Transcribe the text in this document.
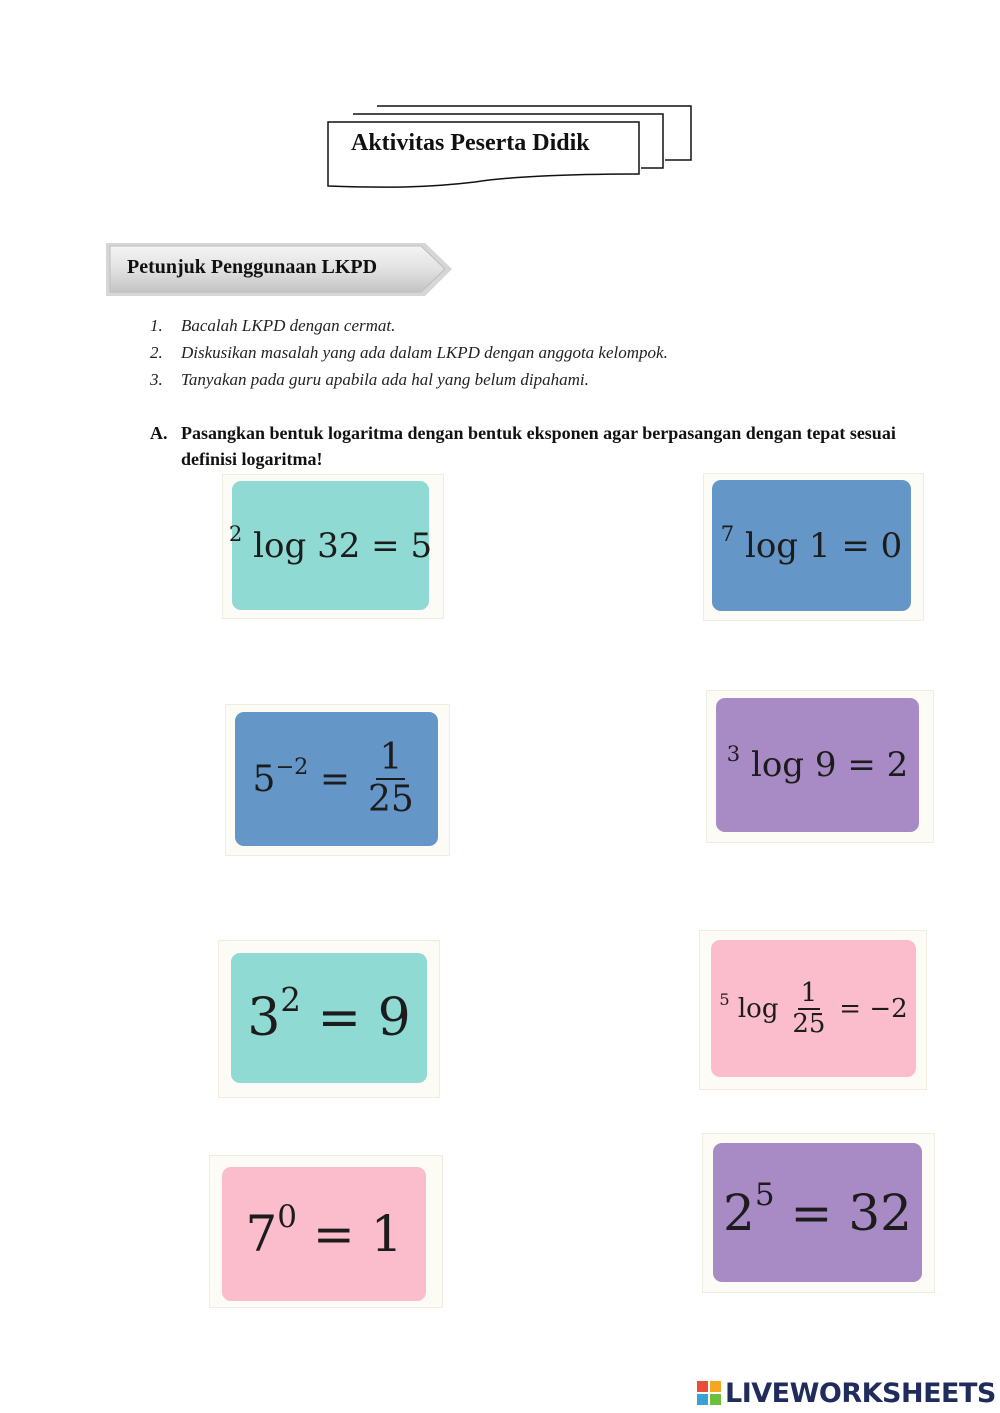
Aktivitas Peserta Didik
Petunjuk Penggunaan LKPD
1.	Bacalah LKPD dengan cermat.
2.	Diskusikan masalah yang ada dalam LKPD dengan anggota kelompok.
3.	Tanyakan pada guru apabila ada hal yang belum dipahami.
A. Pasangkan bentuk logaritma dengan bentuk eksponen agar berpasangan dengan tepat sesuai definisi logaritma!
2
log
32
=
5	7
log
1
=
0
5 −2
=
$\frac{1}{25}$	3
log
9
=
2
3 2
=
9	5
log
$\frac{1}{25}$
=
−2
7 0
=
1	2 5
=
32
LIVEWORKSHEETS
